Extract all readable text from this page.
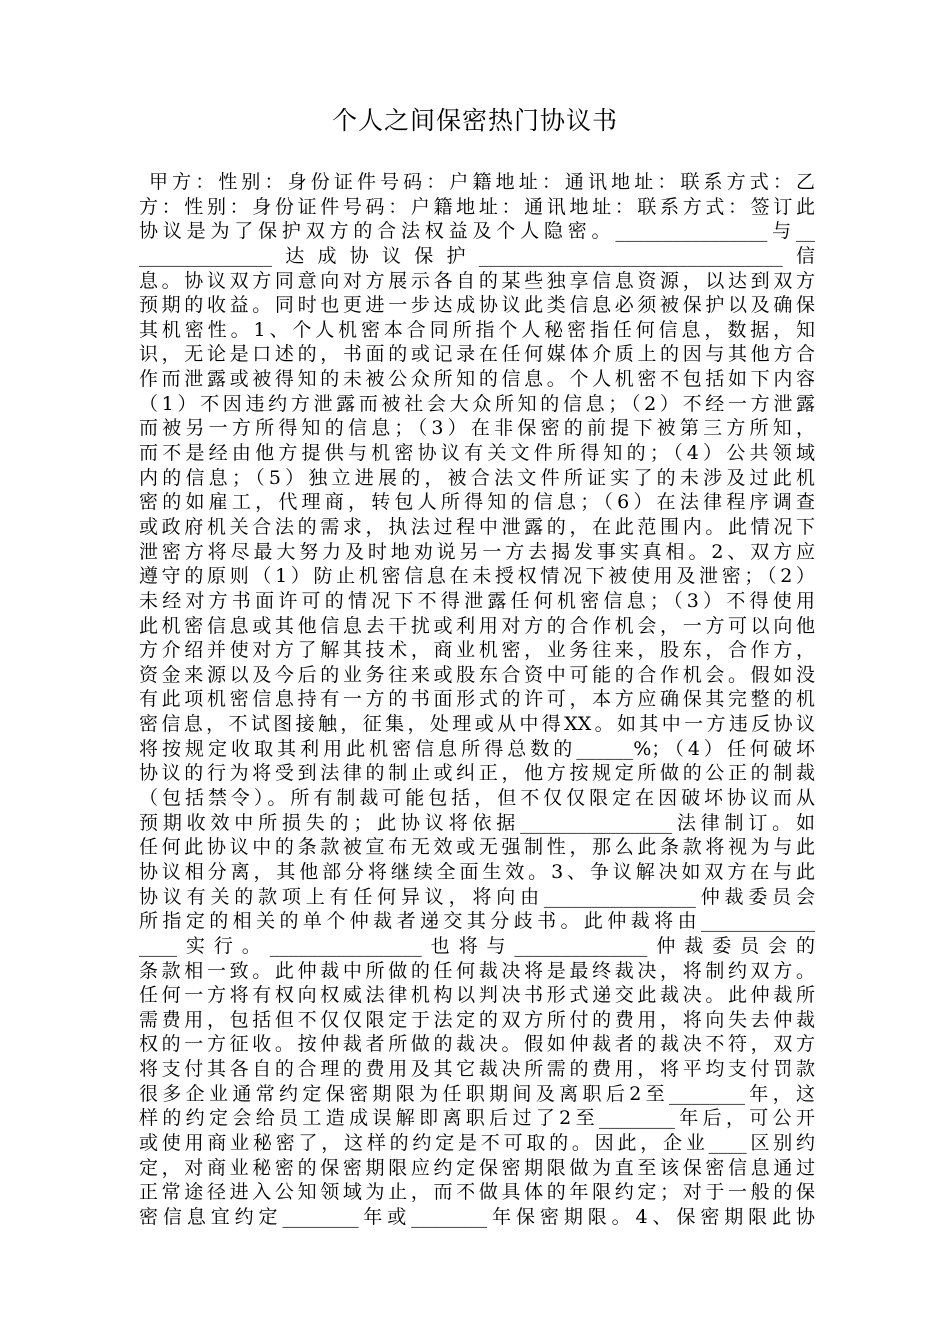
个人之间保密热门协议书
甲方：性别：身份证件号码：户籍地址：通讯地址：联系方式：乙
方：性别：身份证件号码：户籍地址：通讯地址：联系方式：签订此
协议是为了保护双方的合法权益及个人隐密。________________与__
______________达成协议保护________________________________信
息。协议双方同意向对方展示各自的某些独享信息资源，以达到双方
预期的收益。同时也更进一步达成协议此类信息必须被保护以及确保
其机密性。1、个人机密本合同所指个人秘密指任何信息，数据，知
识，无论是口述的，书面的或记录在任何媒体介质上的因与其他方合
作而泄露或被得知的未被公众所知的信息。个人机密不包括如下内容
（1）不因违约方泄露而被社会大众所知的信息；（2）不经一方泄露
而被另一方所得知的信息；（3）在非保密的前提下被第三方所知，
而不是经由他方提供与机密协议有关文件所得知的；（4）公共领域
内的信息；（5）独立进展的，被合法文件所证实了的未涉及过此机
密的如雇工，代理商，转包人所得知的信息；（6）在法律程序调查
或政府机关合法的需求，执法过程中泄露的，在此范围内。此情况下
泄密方将尽最大努力及时地劝说另一方去揭发事实真相。2、双方应
遵守的原则（1）防止机密信息在未授权情况下被使用及泄密；（2）
未经对方书面许可的情况下不得泄露任何机密信息；（3）不得使用
此机密信息或其他信息去干扰或利用对方的合作机会，一方可以向他
方介绍并使对方了解其技术，商业机密，业务往来，股东，合作方，
资金来源以及今后的业务往来或股东合资中可能的合作机会。假如没
有此项机密信息持有一方的书面形式的许可，本方应确保其完整的机
密信息，不试图接触，征集，处理或从中得XX。如其中一方违反协议
将按规定收取其利用此机密信息所得总数的______%；（4）任何破坏
协议的行为将受到法律的制止或纠正，他方按规定所做的公正的制裁
（包括禁令）。所有制裁可能包括，但不仅仅限定在因破坏协议而从
预期收效中所损失的；此协议将依据________________法律制订。如
任何此协议中的条款被宣布无效或无强制性，那么此条款将视为与此
协议相分离，其他部分将继续全面生效。3、争议解决如双方在与此
协议有关的款项上有任何异议，将向由________________仲裁委员会
所指定的相关的单个仲裁者递交其分歧书。此仲裁将由____________
____实行。________________也将与______________仲裁委员会的
条款相一致。此仲裁中所做的任何裁决将是最终裁决，将制约双方。
任何一方将有权向权威法律机构以判决书形式递交此裁决。此仲裁所
需费用，包括但不仅仅限定于法定的双方所付的费用，将向失去仲裁
权的一方征收。按仲裁者所做的裁决。假如仲裁者的裁决不符，双方
将支付其各自的合理的费用及其它裁决所需的费用，将平均支付罚款
很多企业通常约定保密期限为任职期间及离职后2至________年，这
样的约定会给员工造成误解即离职后过了2至________年后，可公开
或使用商业秘密了，这样的约定是不可取的。因此，企业____区别约
定，对商业秘密的保密期限应约定保密期限做为直至该保密信息通过
正常途径进入公知领域为止，而不做具体的年限约定；对于一般的保
密信息宜约定________年或________年保密期限。4、保密期限此协
